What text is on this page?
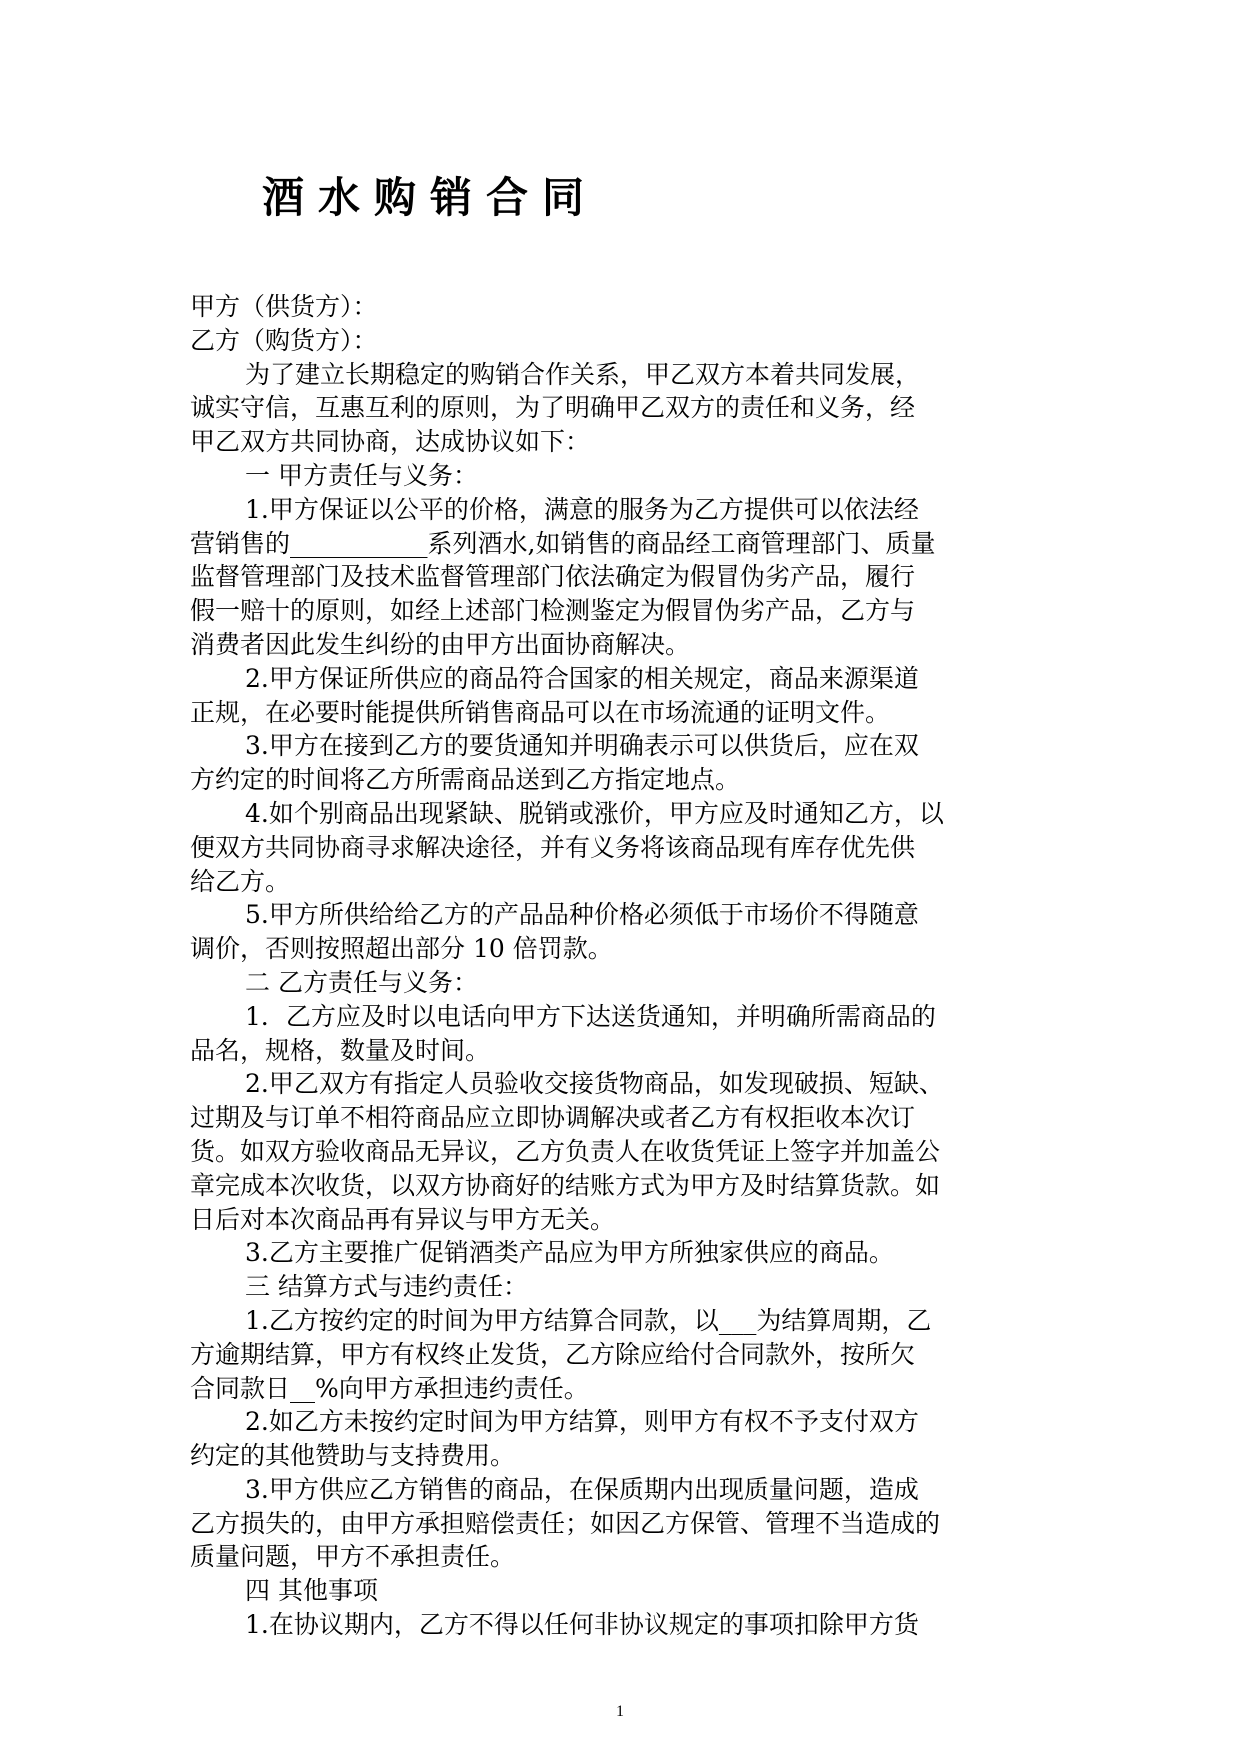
酒水购销合同

甲方（供货方）：

乙方（购货方）：

为了建立长期稳定的购销合作关系，甲乙双方本着共同发展，

诚实守信，互惠互利的原则，为了明确甲乙双方的责任和义务，经

甲乙双方共同协商，达成协议如下：

一 甲方责任与义务：

1.甲方保证以公平的价格，满意的服务为乙方提供可以依法经

营销售的___________系列酒水,如销售的商品经工商管理部门、质量

监督管理部门及技术监督管理部门依法确定为假冒伪劣产品，履行

假一赔十的原则，如经上述部门检测鉴定为假冒伪劣产品，乙方与

消费者因此发生纠纷的由甲方出面协商解决。

2.甲方保证所供应的商品符合国家的相关规定，商品来源渠道

正规，在必要时能提供所销售商品可以在市场流通的证明文件。

3.甲方在接到乙方的要货通知并明确表示可以供货后，应在双

方约定的时间将乙方所需商品送到乙方指定地点。

4.如个别商品出现紧缺、脱销或涨价，甲方应及时通知乙方，以

便双方共同协商寻求解决途径，并有义务将该商品现有库存优先供

给乙方。

5.甲方所供给给乙方的产品品种价格必须低于市场价不得随意

调价，否则按照超出部分 10 倍罚款。

二 乙方责任与义务：

1．乙方应及时以电话向甲方下达送货通知，并明确所需商品的

品名，规格，数量及时间。

2.甲乙双方有指定人员验收交接货物商品，如发现破损、短缺、

过期及与订单不相符商品应立即协调解决或者乙方有权拒收本次订

货。如双方验收商品无异议，乙方负责人在收货凭证上签字并加盖公

章完成本次收货，以双方协商好的结账方式为甲方及时结算货款。如

日后对本次商品再有异议与甲方无关。

3.乙方主要推广促销酒类产品应为甲方所独家供应的商品。

三 结算方式与违约责任：

1.乙方按约定的时间为甲方结算合同款，以___为结算周期，乙

方逾期结算，甲方有权终止发货，乙方除应给付合同款外，按所欠

合同款日__%向甲方承担违约责任。

2.如乙方未按约定时间为甲方结算，则甲方有权不予支付双方

约定的其他赞助与支持费用。

3.甲方供应乙方销售的商品，在保质期内出现质量问题，造成

乙方损失的，由甲方承担赔偿责任；如因乙方保管、管理不当造成的

质量问题，甲方不承担责任。

四 其他事项

1.在协议期内，乙方不得以任何非协议规定的事项扣除甲方货

1
